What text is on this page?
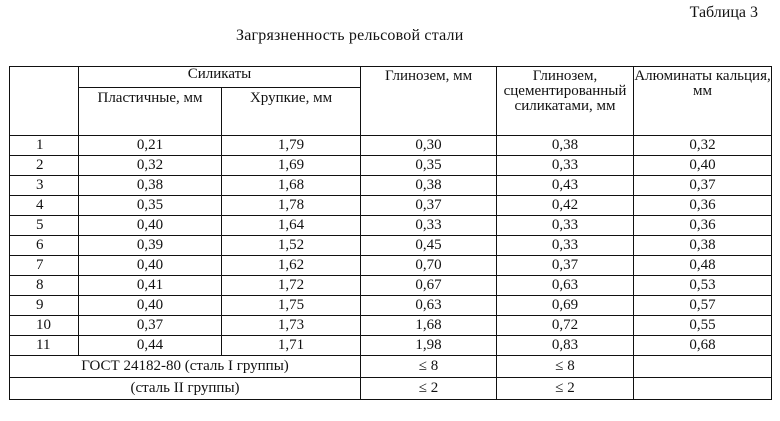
Таблица 3
Загрязненность рельсовой стали
	Силикаты		Глинозем, мм	Глинозем, сцементированный силикатами, мм	Алюминаты кальция, мм
	Пластичные, мм	Хрупкие, мм			
1	0,21	1,79	0,30	0,38	0,32
2	0,32	1,69	0,35	0,33	0,40
3	0,38	1,68	0,38	0,43	0,37
4	0,35	1,78	0,37	0,42	0,36
5	0,40	1,64	0,33	0,33	0,36
6	0,39	1,52	0,45	0,33	0,38
7	0,40	1,62	0,70	0,37	0,48
8	0,41	1,72	0,67	0,63	0,53
9	0,40	1,75	0,63	0,69	0,57
10	0,37	1,73	1,68	0,72	0,55
11	0,44	1,71	1,98	0,83	0,68
ГОСТ 24182-80 (сталь I группы)			≤ 8	≤ 8	
(сталь II группы)			≤ 2	≤ 2	
